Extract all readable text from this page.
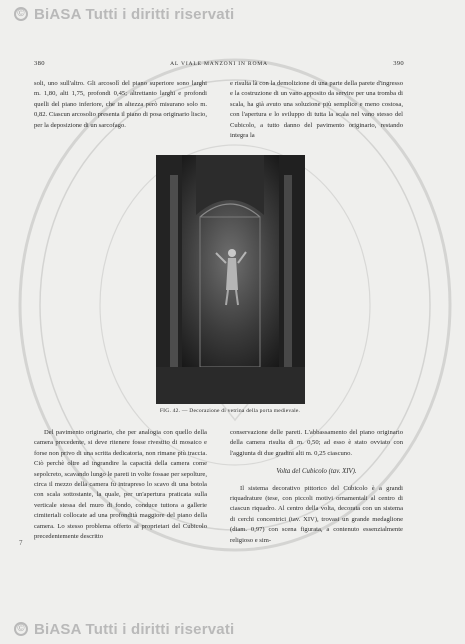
© BiASA Tutti i diritti riservati
380	AL VIALE MANZONI IN ROMA	390

soli, uno sull'altro. Gli arcosolî del piano superiore sono larghi m. 1,80, alti 1,75, profondi 0,45; altrettanto larghi e profondi quelli del piano inferiore, che in altezza però misurano solo m. 0,82. Ciascun arcosolio presenta il piano di posa originario liscio, per la deposizione di un sarcofago.

e risulta là con la demolizione di una parte della parete d'ingresso e la costruzione di un vano apposito da servire per una tromba di scala, ha già avuto una soluzione più semplice e meno costosa, con l'apertura e lo sviluppo di tutta la scala nel vano stesso del Cubicolo, a tutto danno del pavimento originario, restando integra la

FIG. 42. — Decorazione di vetrina della porta medievale.

Del pavimento originario, che per analogia con quello della camera precedente, si deve ritenere fosse rivestito di mosaico e forse non privo di una scritta dedicatoria, non rimane più traccia. Ciò perchè oltre ad ingrandire la capacità della camera come sepolcreto, scavando lungo le pareti in volte fossae per sepolture, circa il mezzo della camera fu intrapreso lo scavo di una botola con scala sottostante, la quale, per un'apertura praticata sulla verticale stessa del muro di fondo, conduce tuttora a gallerie cimiteriali collocate ad una profondità maggiore del piano della camera. Lo stesso problema offerto ai proprietari del Cubicolo precedentemente descritto

conservazione delle pareti. L'abbassamento del piano originario della camera risulta di m. 0,50; ad esso è stato ovviato con l'aggiunta di due gradini alti m. 0,25 ciascuno.

Volta del Cubicolo (tav. XIV).

Il sistema decorativo pittorico del Cubicolo è a grandi riquadrature (tese, con piccoli motivi ornamentali al centro di ciascun riquadro. Al centro della volta, decorata con un sistema di cerchi concentrici (tav. XIV), trovasi un grande medaglione (diam. 0,97) con scena figurata, a contenuto essenzialmente religioso e sim-

7
© BiASA Tutti i diritti riservati
